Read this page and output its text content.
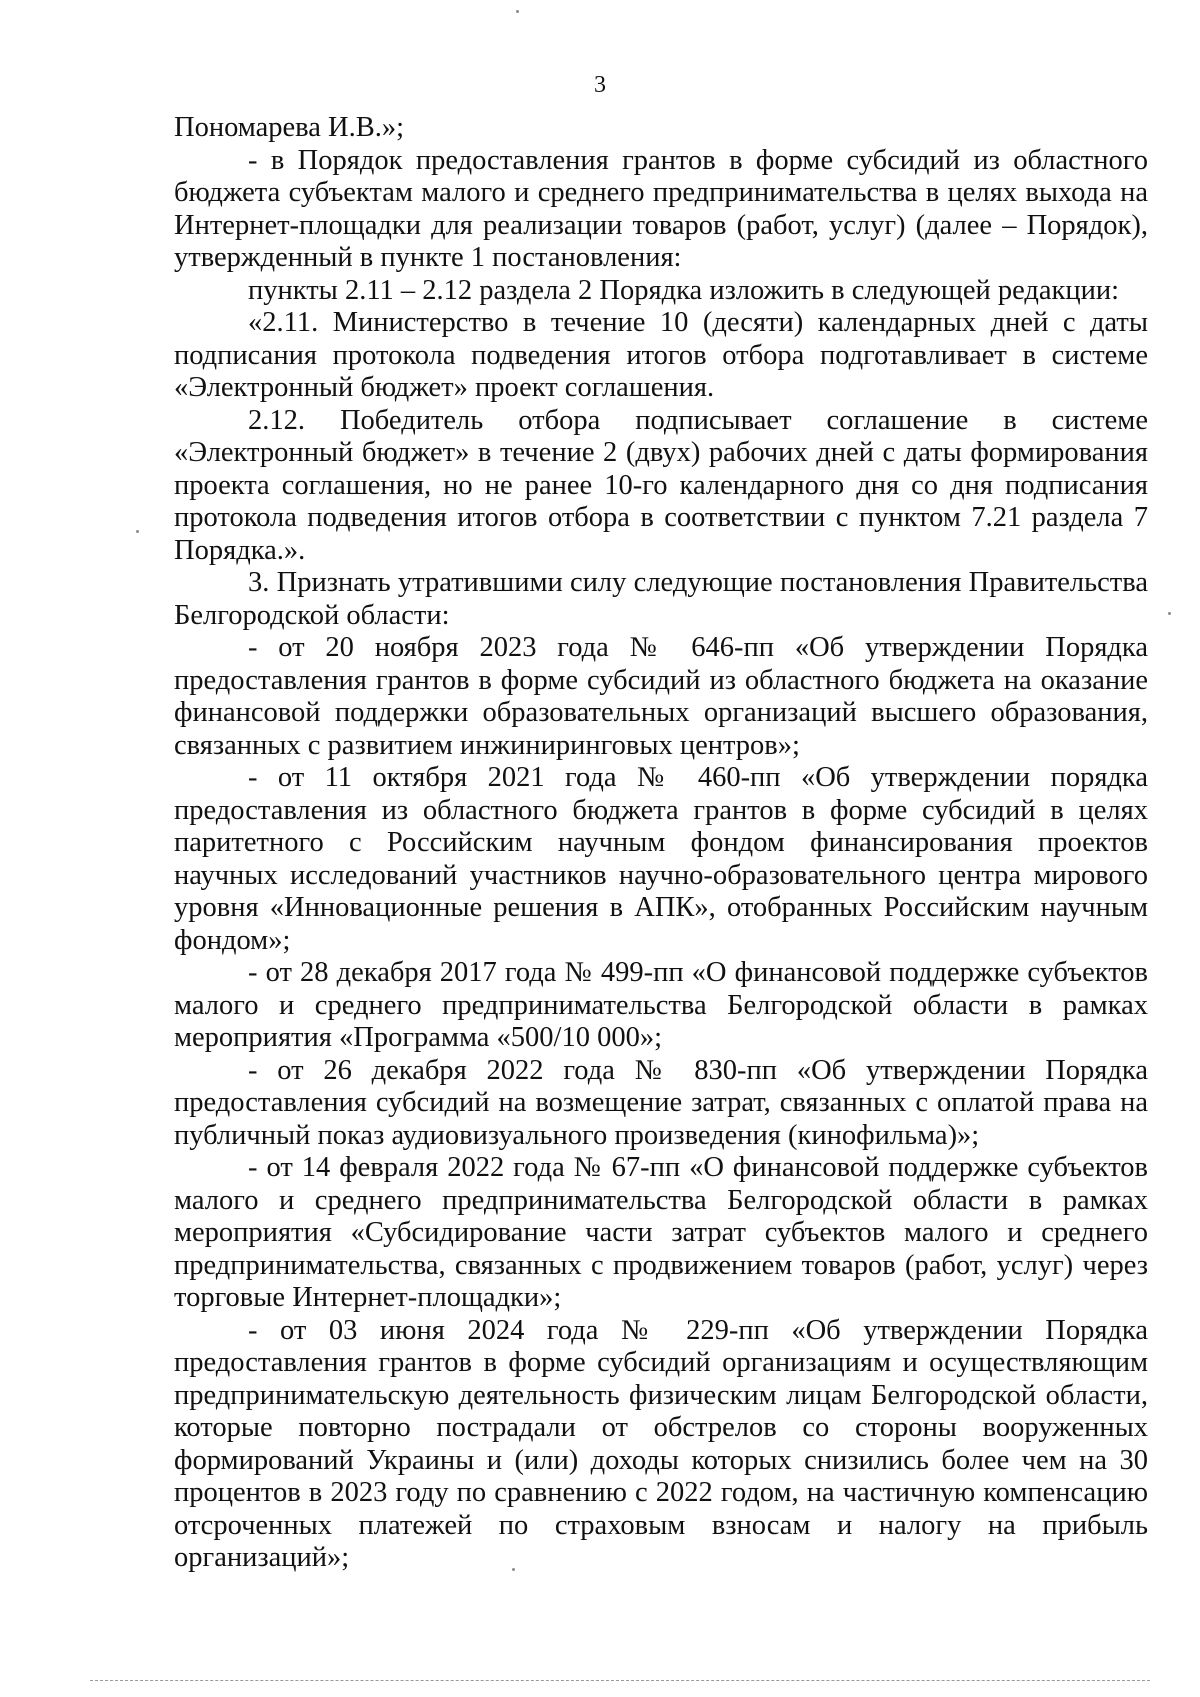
3

Пономарева И.В.»;

- в Порядок предоставления грантов в форме субсидий из областного бюджета субъектам малого и среднего предпринимательства в целях выхода на Интернет-площадки для реализации товаров (работ, услуг) (далее – Порядок), утвержденный в пункте 1 постановления:

пункты 2.11 – 2.12 раздела 2 Порядка изложить в следующей редакции:

«2.11. Министерство в течение 10 (десяти) календарных дней с даты подписания протокола подведения итогов отбора подготавливает в системе «Электронный бюджет» проект соглашения.

2.12. Победитель отбора подписывает соглашение в системе «Электронный бюджет» в течение 2 (двух) рабочих дней с даты формирования проекта соглашения, но не ранее 10-го календарного дня со дня подписания протокола подведения итогов отбора в соответствии с пунктом 7.21 раздела 7 Порядка.».

3. Признать утратившими силу следующие постановления Правительства Белгородской области:

- от 20 ноября 2023 года № 646-пп «Об утверждении Порядка предоставления грантов в форме субсидий из областного бюджета на оказание финансовой поддержки образовательных организаций высшего образования, связанных с развитием инжиниринговых центров»;

- от 11 октября 2021 года № 460-пп «Об утверждении порядка предоставления из областного бюджета грантов в форме субсидий в целях паритетного с Российским научным фондом финансирования проектов научных исследований участников научно-образовательного центра мирового уровня «Инновационные решения в АПК», отобранных Российским научным фондом»;

- от 28 декабря 2017 года № 499-пп «О финансовой поддержке субъектов малого и среднего предпринимательства Белгородской области в рамках мероприятия «Программа «500/10 000»;

- от 26 декабря 2022 года № 830-пп «Об утверждении Порядка предоставления субсидий на возмещение затрат, связанных с оплатой права на публичный показ аудиовизуального произведения (кинофильма)»;

- от 14 февраля 2022 года № 67-пп «О финансовой поддержке субъектов малого и среднего предпринимательства Белгородской области в рамках мероприятия «Субсидирование части затрат субъектов малого и среднего предпринимательства, связанных с продвижением товаров (работ, услуг) через торговые Интернет-площадки»;

- от 03 июня 2024 года № 229-пп «Об утверждении Порядка предоставления грантов в форме субсидий организациям и осуществляющим предпринимательскую деятельность физическим лицам Белгородской области, которые повторно пострадали от обстрелов со стороны вооруженных формирований Украины и (или) доходы которых снизились более чем на 30 процентов в 2023 году по сравнению с 2022 годом, на частичную компенсацию отсроченных платежей по страховым взносам и налогу на прибыль организаций»;
